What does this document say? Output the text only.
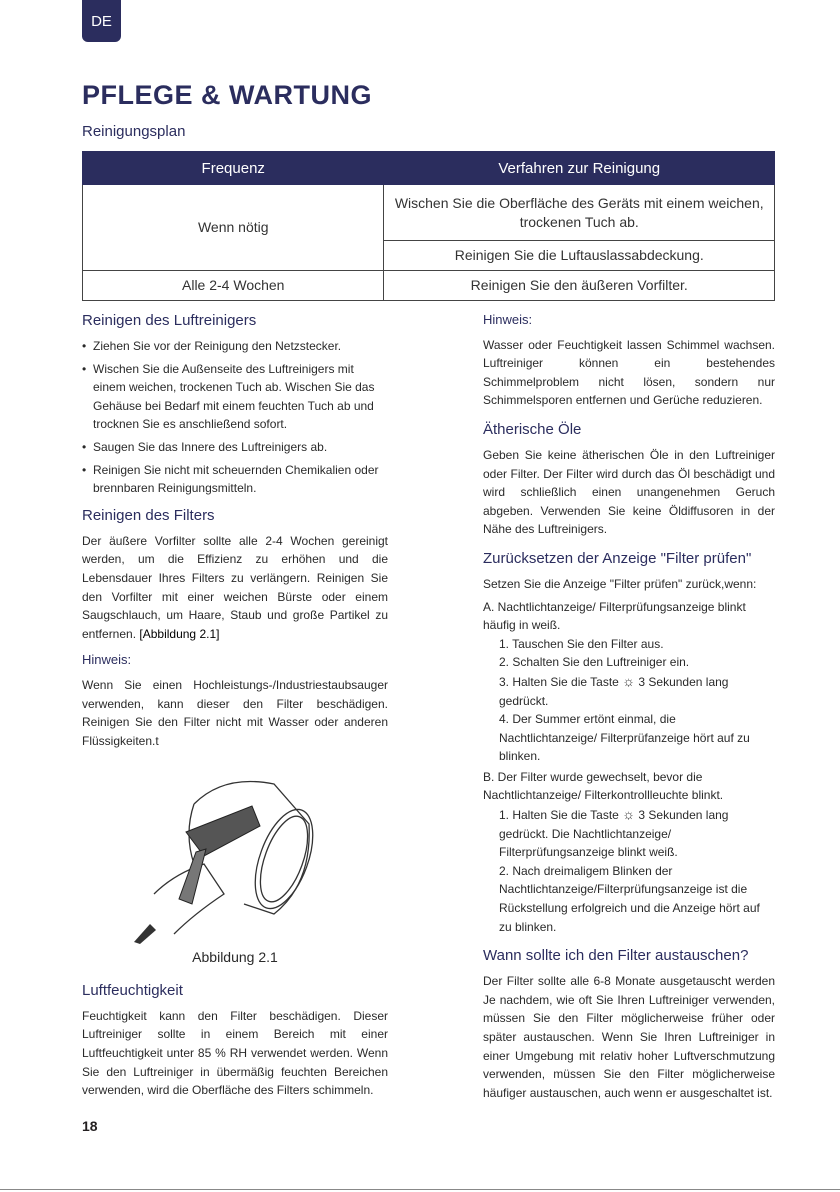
DE
PFLEGE & WARTUNG
Reinigungsplan
Frequenz	Verfahren zur Reinigung
Wenn nötig	Wischen Sie die Oberfläche des Geräts mit einem weichen, trockenen Tuch ab.
	Reinigen Sie die Luftauslassabdeckung.
Alle 2-4 Wochen	Reinigen Sie den äußeren Vorfilter.
Reinigen des Luftreinigers
• Ziehen Sie vor der Reinigung den Netzstecker.
• Wischen Sie die Außenseite des Luftreinigers mit einem weichen, trockenen Tuch ab. Wischen Sie das Gehäuse bei Bedarf mit einem feuchten Tuch ab und trocknen Sie es anschließend sofort.
• Saugen Sie das Innere des Luftreinigers ab.
• Reinigen Sie nicht mit scheuernden Chemikalien oder brennbaren Reinigungsmitteln.
Reinigen des Filters

Der äußere Vorfilter sollte alle 2-4 Wochen gereinigt werden, um die Effizienz zu erhöhen und die Lebensdauer Ihres Filters zu verlängern. Reinigen Sie den Vorfilter mit einer weichen Bürste oder einem Saugschlauch, um Haare, Staub und große Partikel zu entfernen. [Abbildung 2.1]

Hinweis:

Wenn Sie einen Hochleistungs-/Industriestaubsauger verwenden, kann dieser den Filter beschädigen. Reinigen Sie den Filter nicht mit Wasser oder anderen Flüssigkeiten.t

Abbildung 2.1
Luftfeuchtigkeit

Feuchtigkeit kann den Filter beschädigen. Dieser Luftreiniger sollte in einem Bereich mit einer Luftfeuchtigkeit unter 85 % RH verwendet werden. Wenn Sie den Luftreiniger in übermäßig feuchten Bereichen verwenden, wird die Oberfläche des Filters schimmeln.

Hinweis:

Wasser oder Feuchtigkeit lassen Schimmel wachsen. Luftreiniger können ein bestehendes Schimmelproblem nicht lösen, sondern nur Schimmelsporen entfernen und Gerüche reduzieren.

Ätherische Öle

Geben Sie keine ätherischen Öle in den Luftreiniger oder Filter. Der Filter wird durch das Öl beschädigt und wird schließlich einen unangenehmen Geruch abgeben. Verwenden Sie keine Öldiffusoren in der Nähe des Luftreinigers.

Zurücksetzen der Anzeige "Filter prüfen"

Setzen Sie die Anzeige "Filter prüfen" zurück,wenn:

A. Nachtlichtanzeige/ Filterprüfungsanzeige blinkt häufig in weiß.
1. Tauschen Sie den Filter aus.
2. Schalten Sie den Luftreiniger ein.
3. Halten Sie die Taste ☼ 3 Sekunden lang gedrückt.
4. Der Summer ertönt einmal, die Nachtlichtanzeige/ Filterprüfanzeige hört auf zu blinken.
B. Der Filter wurde gewechselt, bevor die Nachtlichtanzeige/ Filterkontrollleuchte blinkt.
1. Halten Sie die Taste ☼ 3 Sekunden lang gedrückt. Die Nachtlichtanzeige/ Filterprüfungsanzeige blinkt weiß.
2. Nach dreimaligem Blinken der Nachtlichtanzeige/Filterprüfungsanzeige ist die Rückstellung erfolgreich und die Anzeige hört auf zu blinken.
Wann sollte ich den Filter austauschen?

Der Filter sollte alle 6-8 Monate ausgetauscht werden Je nachdem, wie oft Sie Ihren Luftreiniger verwenden, müssen Sie den Filter möglicherweise früher oder später austauschen. Wenn Sie Ihren Luftreiniger in einer Umgebung mit relativ hoher Luftverschmutzung verwenden, müssen Sie den Filter möglicherweise häufiger austauschen, auch wenn er ausgeschaltet ist.

18
